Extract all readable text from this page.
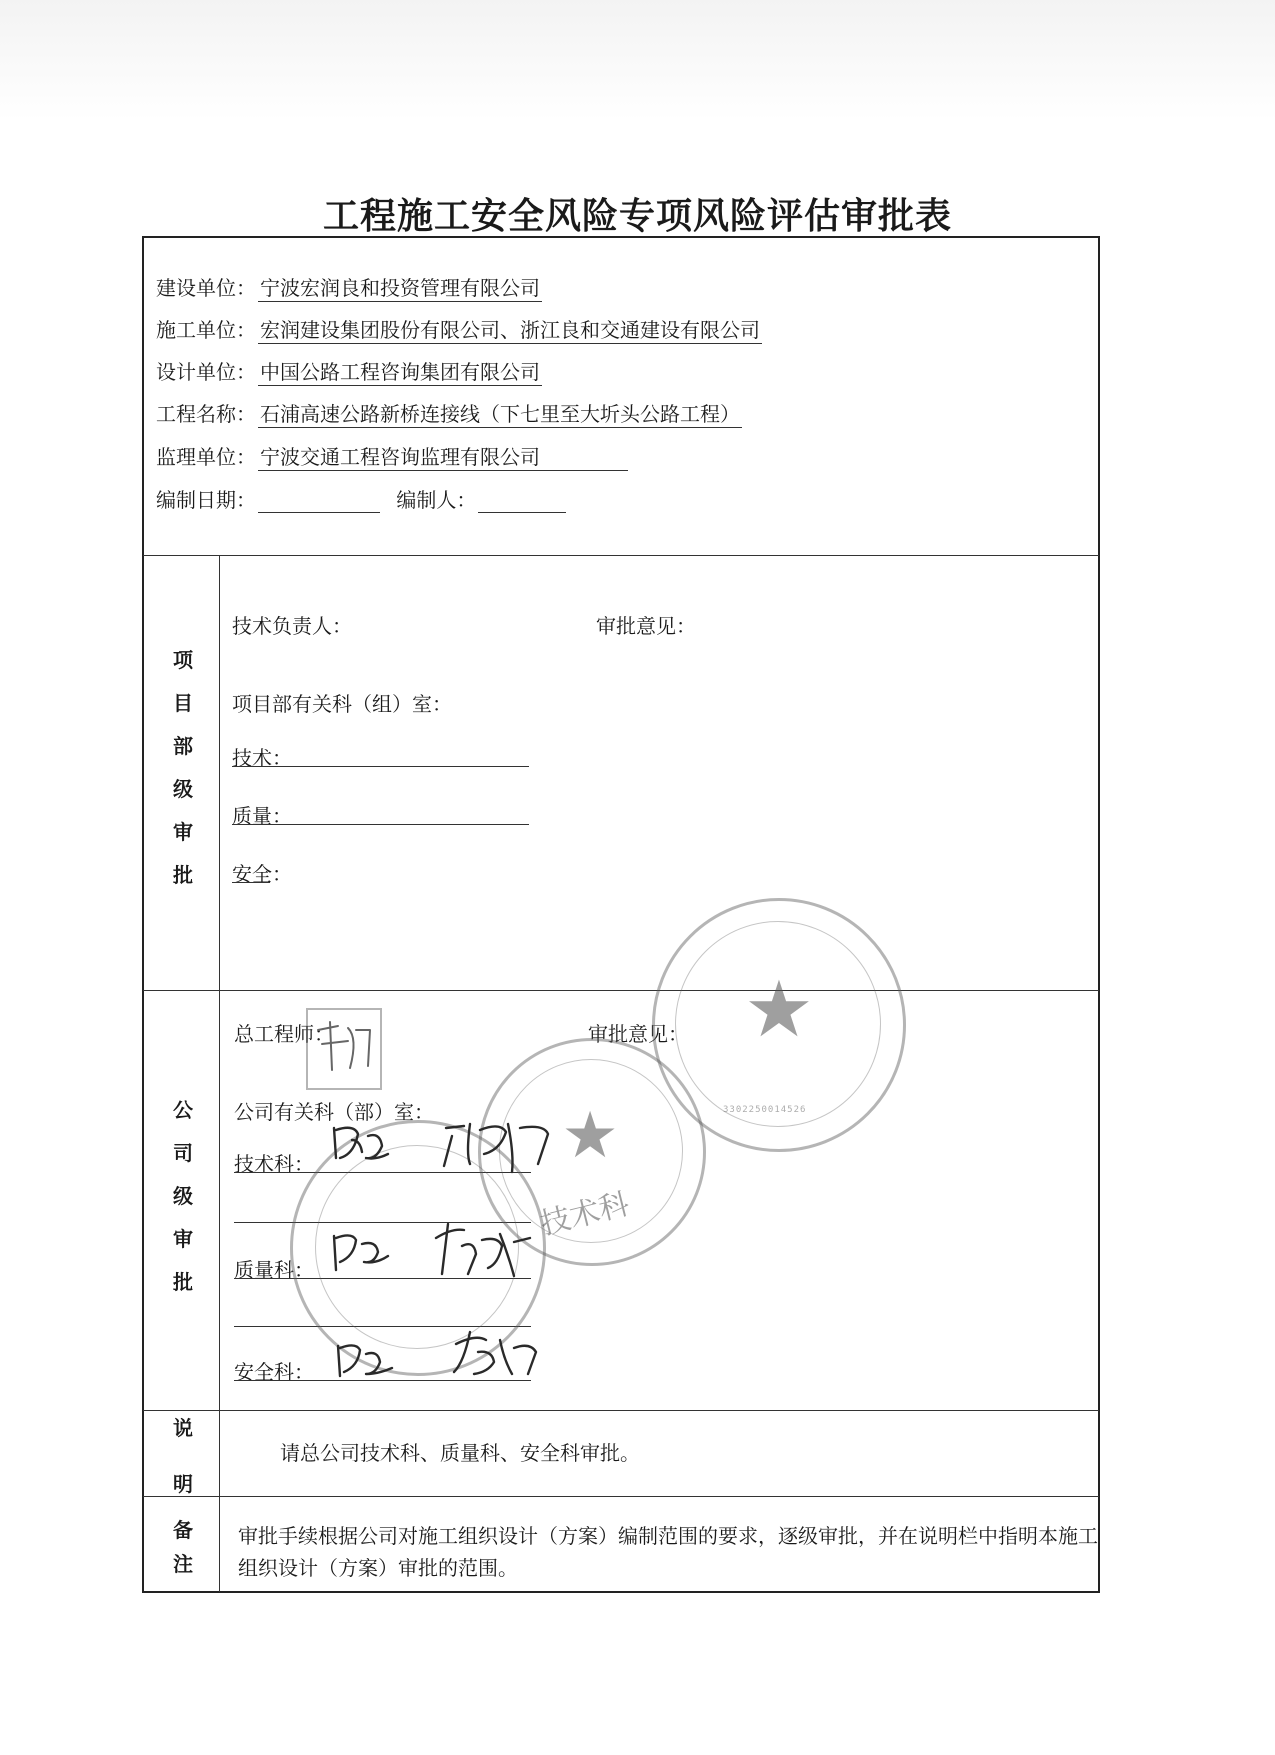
工程施工安全风险专项风险评估审批表
建设单位： 宁波宏润良和投资管理有限公司
施工单位： 宏润建设集团股份有限公司、浙江良和交通建设有限公司
设计单位： 中国公路工程咨询集团有限公司
工程名称： 石浦高速公路新桥连接线（下七里至大圻头公路工程）
监理单位： 宁波交通工程咨询监理有限公司
编制日期：	编制人：
项
目
部
级
审
批
技术负责人：	审批意见：
项目部有关科（组）室：
技术：
质量：
安全：
公
司
级
审
批
总工程师：	审批意见：
公司有关科（部）室：
技术科：
质量科：
安全科：
说
明
请总公司技术科、质量科、安全科审批。
备
注
审批手续根据公司对施工组织设计（方案）编制范围的要求，逐级审批，并在说明栏中指明本施工组织设计（方案）审批的范围。
★
3302250014526
★
技术科
